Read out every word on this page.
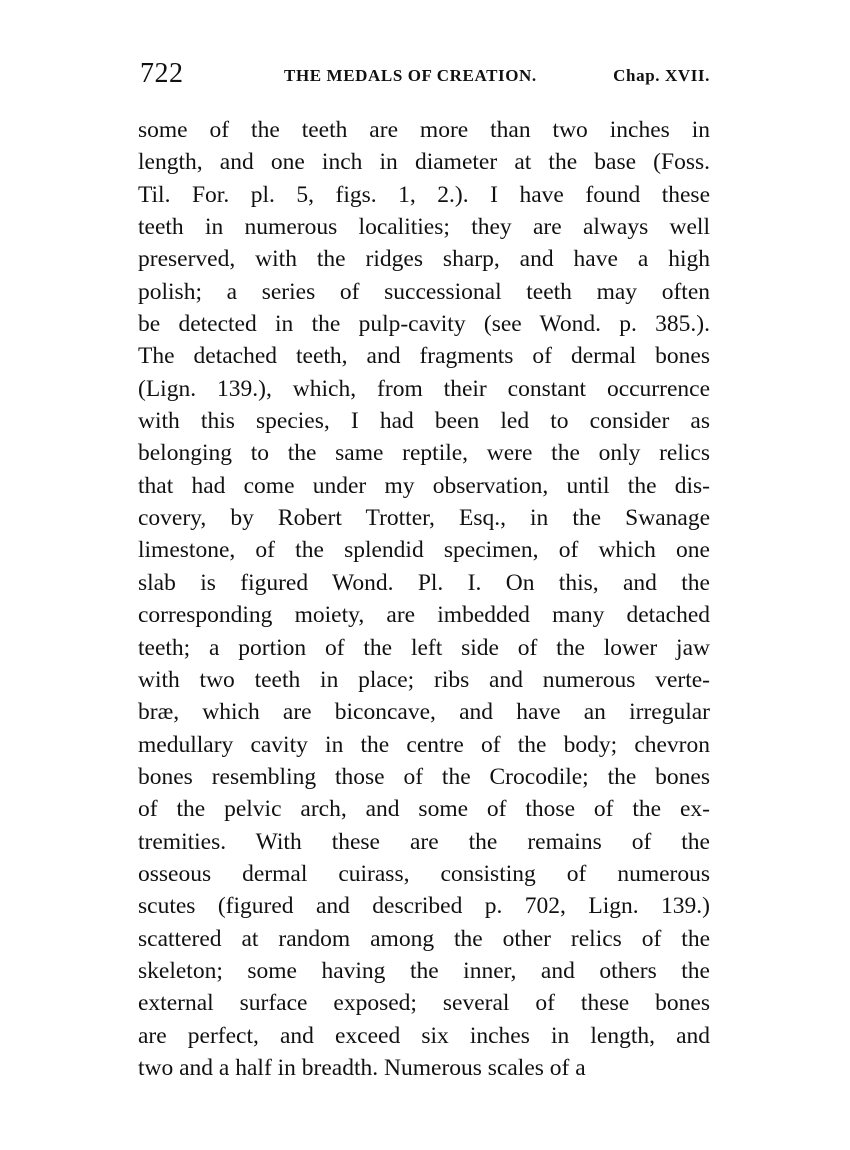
722	THE MEDALS OF CREATION.	Chap. XVII.
some of the teeth are more than two inches in
length, and one inch in diameter at the base (Foss.
Til. For. pl. 5, figs. 1, 2.). I have found these
teeth in numerous localities; they are always well
preserved, with the ridges sharp, and have a high
polish; a series of successional teeth may often
be detected in the pulp-cavity (see Wond. p. 385.).
The detached teeth, and fragments of dermal bones
(Lign. 139.), which, from their constant occurrence
with this species, I had been led to consider as
belonging to the same reptile, were the only relics
that had come under my observation, until the dis-
covery, by Robert Trotter, Esq., in the Swanage
limestone, of the splendid specimen, of which one
slab is figured Wond. Pl. I. On this, and the
corresponding moiety, are imbedded many detached
teeth; a portion of the left side of the lower jaw
with two teeth in place; ribs and numerous verte-
bræ, which are biconcave, and have an irregular
medullary cavity in the centre of the body; chevron
bones resembling those of the Crocodile; the bones
of the pelvic arch, and some of those of the ex-
tremities. With these are the remains of the
osseous dermal cuirass, consisting of numerous
scutes (figured and described p. 702, Lign. 139.)
scattered at random among the other relics of the
skeleton; some having the inner, and others the
external surface exposed; several of these bones
are perfect, and exceed six inches in length, and
two and a half in breadth. Numerous scales of a
